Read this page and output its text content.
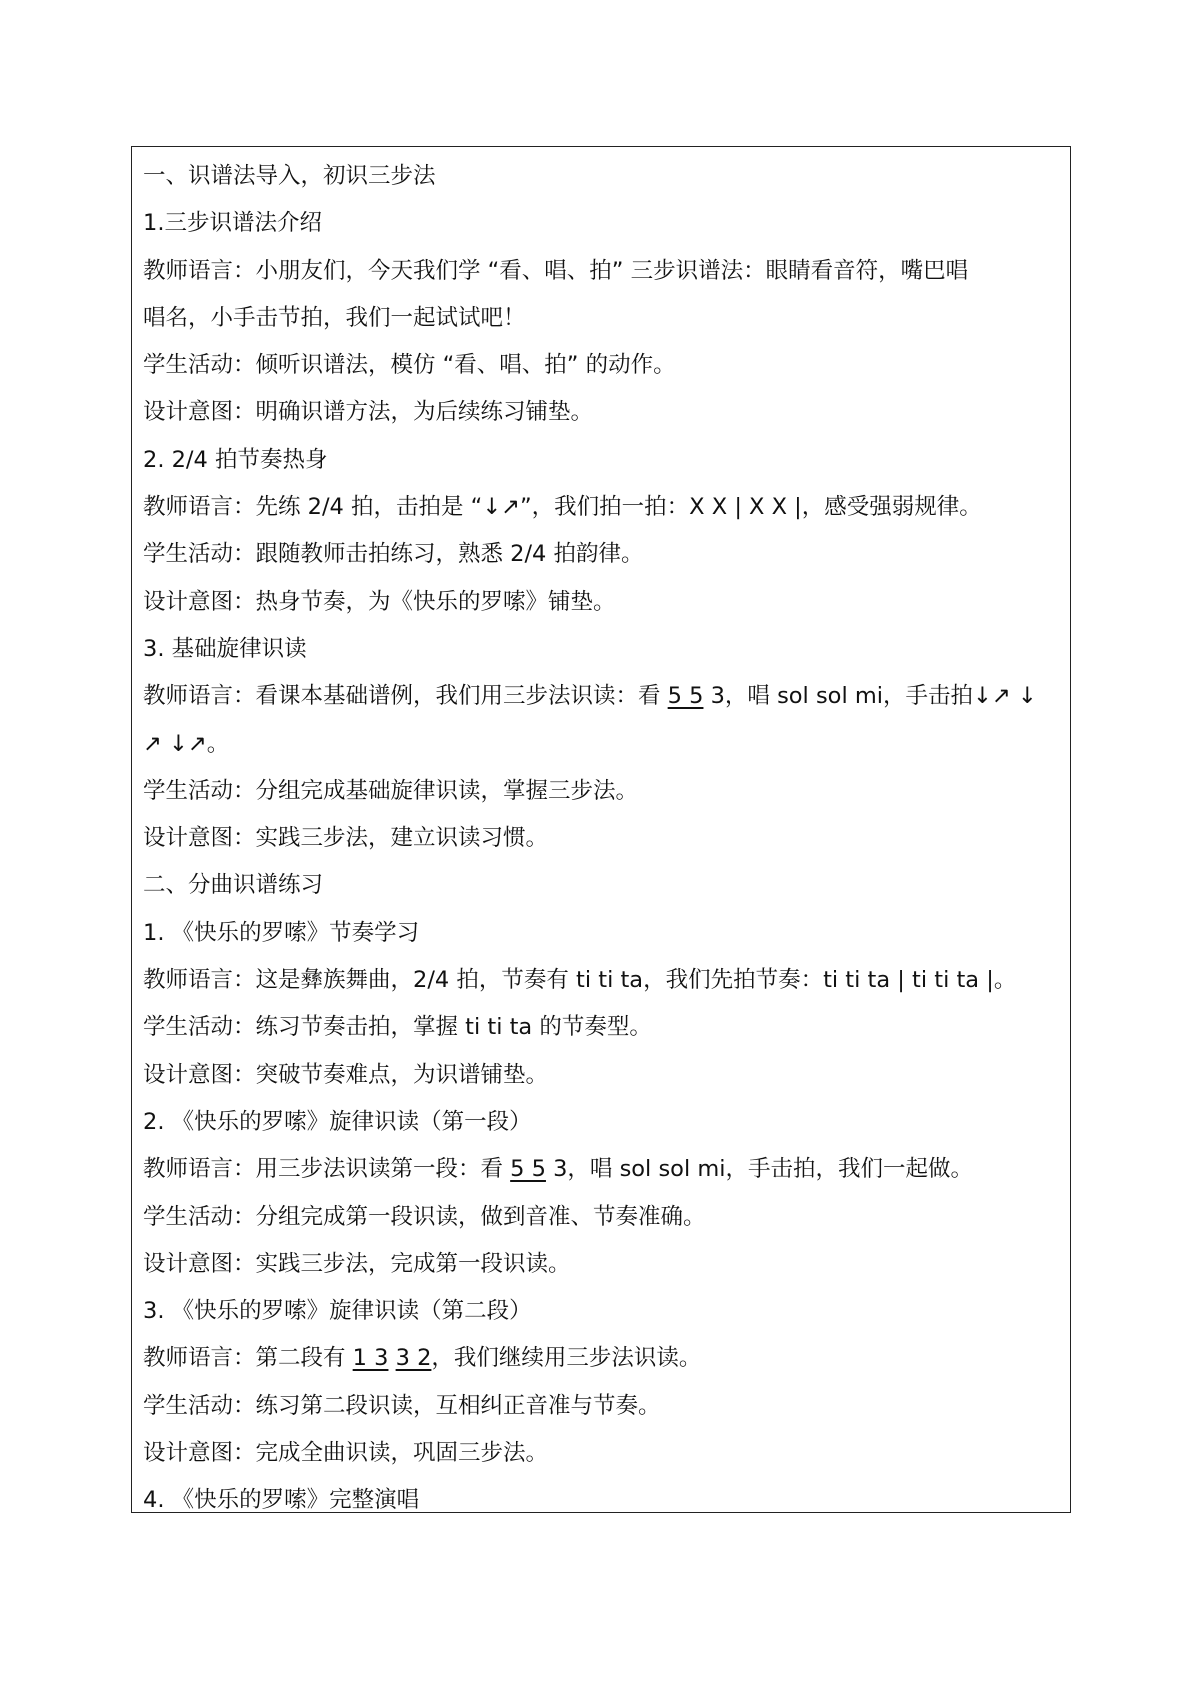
一、识谱法导入，初识三步法
1.三步识谱法介绍
教师语言：小朋友们，今天我们学 “看、唱、拍” 三步识谱法：眼睛看音符，嘴巴唱
唱名，小手击节拍，我们一起试试吧！
学生活动：倾听识谱法，模仿 “看、唱、拍” 的动作。
设计意图：明确识谱方法，为后续练习铺垫。
2. 2/4 拍节奏热身
教师语言：先练 2/4 拍，击拍是 “↓↗”，我们拍一拍：X X | X X |，感受强弱规律。
学生活动：跟随教师击拍练习，熟悉 2/4 拍韵律。
设计意图：热身节奏，为《快乐的罗嗦》铺垫。
3. 基础旋律识读
教师语言：看课本基础谱例，我们用三步法识读：看 5 5 3，唱 sol sol mi，手击拍↓↗ ↓
↗ ↓↗。
学生活动：分组完成基础旋律识读，掌握三步法。
设计意图：实践三步法，建立识读习惯。
二、分曲识谱练习
1. 《快乐的罗嗦》节奏学习
教师语言：这是彝族舞曲，2/4 拍，节奏有 ti ti ta，我们先拍节奏：ti ti ta | ti ti ta |。
学生活动：练习节奏击拍，掌握 ti ti ta 的节奏型。
设计意图：突破节奏难点，为识谱铺垫。
2. 《快乐的罗嗦》旋律识读（第一段）
教师语言：用三步法识读第一段：看 5 5 3，唱 sol sol mi，手击拍，我们一起做。
学生活动：分组完成第一段识读，做到音准、节奏准确。
设计意图：实践三步法，完成第一段识读。
3. 《快乐的罗嗦》旋律识读（第二段）
教师语言：第二段有 1 3 3 2，我们继续用三步法识读。
学生活动：练习第二段识读，互相纠正音准与节奏。
设计意图：完成全曲识读，巩固三步法。
4. 《快乐的罗嗦》完整演唱
